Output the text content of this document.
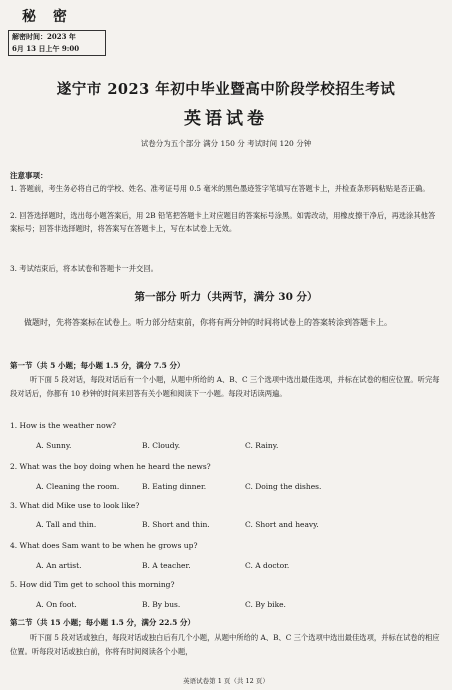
秘 密
解密时间：2023 年
6月 13 日上午 9:00
遂宁市 2023 年初中毕业暨高中阶段学校招生考试
英语试卷
试卷分为五个部分 满分 150 分 考试时间 120 分钟
注意事项：
1. 答题前，考生务必将自己的学校、姓名、准考证号用 0.5 毫米的黑色墨迹签字笔填写在答题卡上，并检查条形码粘贴是否正确。
2. 回答选择题时，选出每小题答案后，用 2B 铅笔把答题卡上对应题目的答案标号涂黑。如需改动，用橡皮擦干净后，再选涂其他答案标号；回答非选择题时，将答案写在答题卡上，写在本试卷上无效。
3. 考试结束后，将本试卷和答题卡一并交回。
第一部分 听力（共两节，满分 30 分）
做题时，先将答案标在试卷上。听力部分结束前，你将有两分钟的时间将试卷上的答案转涂到答题卡上。
第一节（共 5 小题；每小题 1.5 分，满分 7.5 分）
听下面 5 段对话，每段对话后有一个小题，从题中所给的 A、B、C 三个选项中选出最佳选项，并标在试卷的相应位置。听完每段对话后，你都有 10 秒钟的时间来回答有关小题和阅读下一小题。每段对话读两遍。
1. How is the weather now?
A. Sunny.	B. Cloudy.	C. Rainy.
2. What was the boy doing when he heard the news?
A. Cleaning the room.	B. Eating dinner.	C. Doing the dishes.
3. What did Mike use to look like?
A. Tall and thin.	B. Short and thin.	C. Short and heavy.
4. What does Sam want to be when he grows up?
A. An artist.	B. A teacher.	C. A doctor.
5. How did Tim get to school this morning?
A. On foot.	B. By bus.	C. By bike.
第二节（共 15 小题；每小题 1.5 分，满分 22.5 分）
听下面 5 段对话或独白，每段对话或独白后有几个小题，从题中所给的 A、B、C 三个选项中选出最佳选项，并标在试卷的相应位置。听每段对话或独白前，你将有时间阅读各个小题，
英语试卷第 1 页（共 12 页）
